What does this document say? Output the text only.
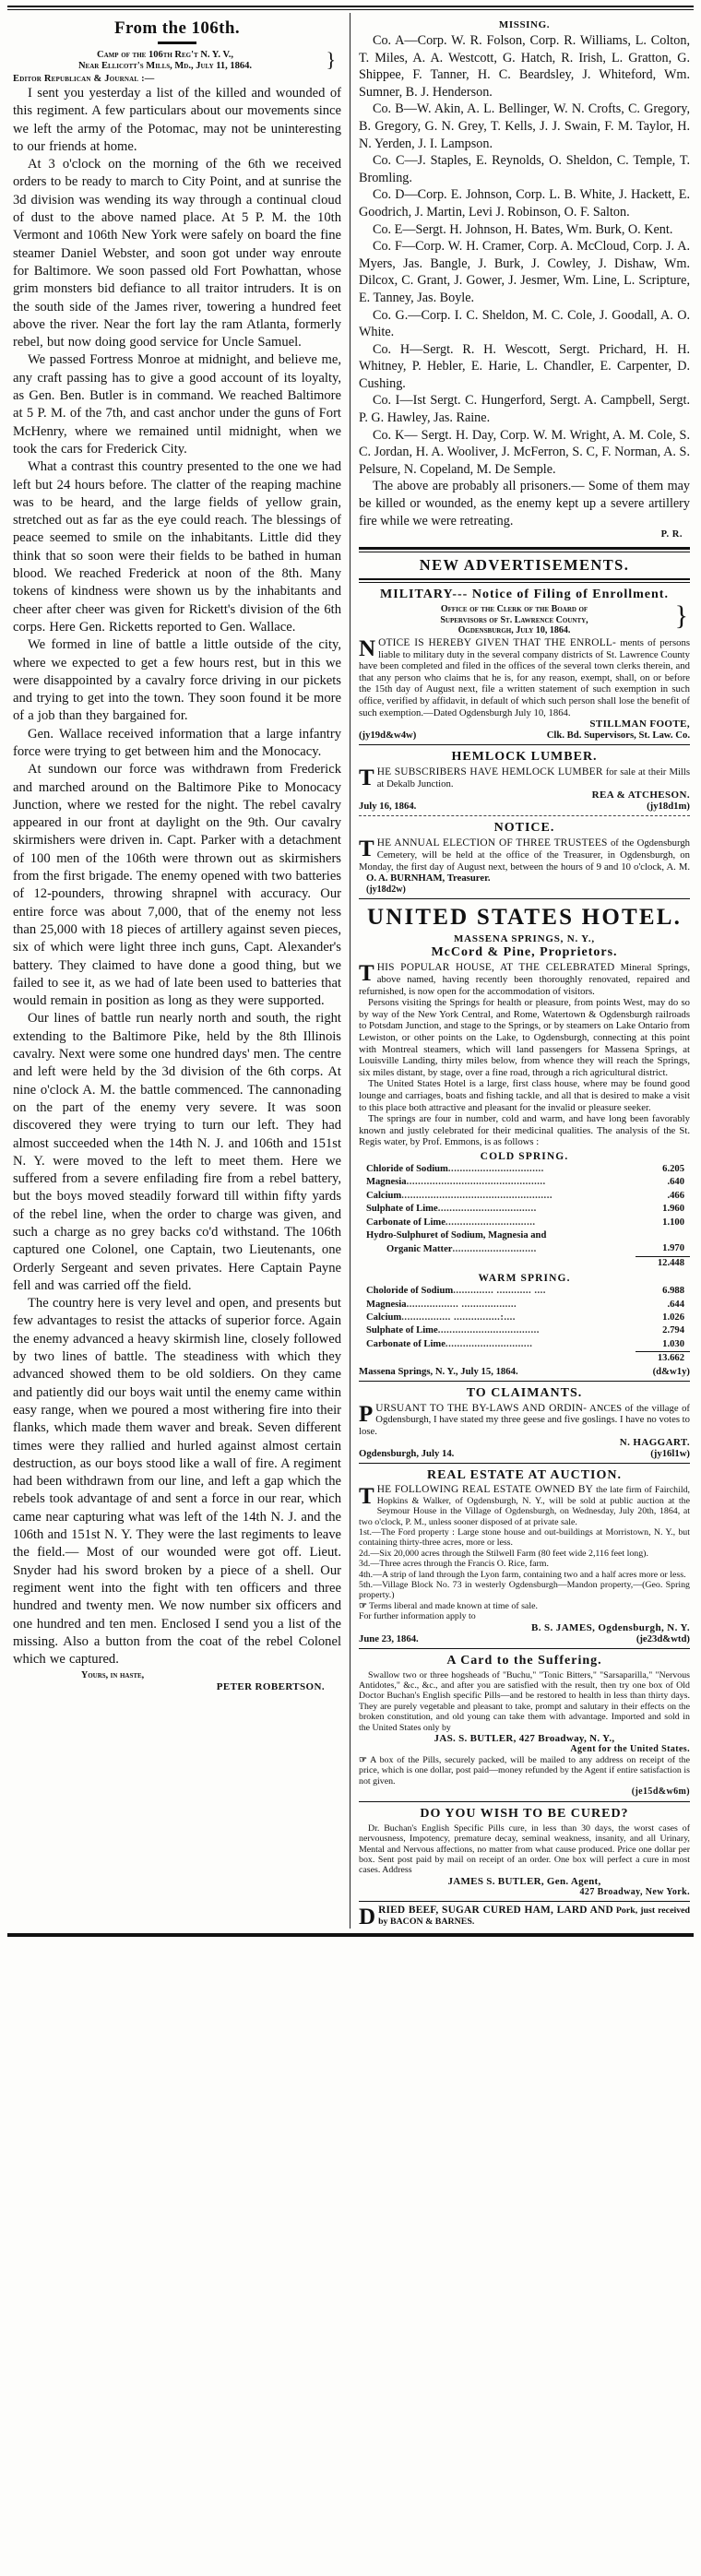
From the 106th.
}
Camp of the 106th Reg't N. Y. V.,
Near Ellicott's Mills, Md., July 11, 1864.
Editor Republican & Journal :—

I sent you yesterday a list of the killed and wounded of this regiment. A few particulars about our movements since we left the army of the Potomac, may not be uninteresting to our friends at home.

At 3 o'clock on the morning of the 6th we received orders to be ready to march to City Point, and at sunrise the 3d division was wending its way through a continual cloud of dust to the above named place. At 5 P. M. the 10th Vermont and 106th New York were safely on board the fine steamer Daniel Webster, and soon got under way enroute for Baltimore. We soon passed old Fort Powhattan, whose grim monsters bid defiance to all traitor intruders. It is on the south side of the James river, towering a hundred feet above the river. Near the fort lay the ram Atlanta, formerly rebel, but now doing good service for Uncle Samuel.

We passed Fortress Monroe at midnight, and believe me, any craft passing has to give a good account of its loyalty, as Gen. Ben. Butler is in command. We reached Baltimore at 5 P. M. of the 7th, and cast anchor under the guns of Fort McHenry, where we remained until midnight, when we took the cars for Frederick City.

What a contrast this country presented to the one we had left but 24 hours before. The clatter of the reaping machine was to be heard, and the large fields of yellow grain, stretched out as far as the eye could reach. The blessings of peace seemed to smile on the inhabitants. Little did they think that so soon were their fields to be bathed in human blood. We reached Frederick at noon of the 8th. Many tokens of kindness were shown us by the inhabitants and cheer after cheer was given for Rickett's division of the 6th corps. Here Gen. Ricketts reported to Gen. Wallace.

We formed in line of battle a little outside of the city, where we expected to get a few hours rest, but in this we were disappointed by a cavalry force driving in our pickets and trying to get into the town. They soon found it be more of a job than they bargained for.

Gen. Wallace received information that a large infantry force were trying to get between him and the Monocacy.

At sundown our force was withdrawn from Frederick and marched around on the Baltimore Pike to Monocacy Junction, where we rested for the night. The rebel cavalry appeared in our front at daylight on the 9th. Our cavalry skirmishers were driven in. Capt. Parker with a detachment of 100 men of the 106th were thrown out as skirmishers from the first brigade. The enemy opened with two batteries of 12-pounders, throwing shrapnel with accuracy. Our entire force was about 7,000, that of the enemy not less than 25,000 with 18 pieces of artillery against seven pieces, six of which were light three inch guns, Capt. Alexander's battery. They claimed to have done a good thing, but we failed to see it, as we had of late been used to batteries that would remain in position as long as they were supported.

Our lines of battle run nearly north and south, the right extending to the Baltimore Pike, held by the 8th Illinois cavalry. Next were some one hundred days' men. The centre and left were held by the 3d division of the 6th corps. At nine o'clock A. M. the battle commenced. The cannonading on the part of the enemy very severe. It was soon discovered they were trying to turn our left. They had almost succeeded when the 14th N. J. and 106th and 151st N. Y. were moved to the left to meet them. Here we suffered from a severe enfilading fire from a rebel battery, but the boys moved steadily forward till within fifty yards of the rebel line, when the order to charge was given, and such a charge as no grey backs co'd withstand. The 106th captured one Colonel, one Captain, two Lieutenants, one Orderly Sergeant and seven privates. Here Captain Payne fell and was carried off the field.

The country here is very level and open, and presents but few advantages to resist the attacks of superior force. Again the enemy advanced a heavy skirmish line, closely followed by two lines of battle. The steadiness with which they advanced showed them to be old soldiers. On they came and patiently did our boys wait until the enemy came within easy range, when we poured a most withering fire into their flanks, which made them waver and break. Seven different times were they rallied and hurled against almost certain destruction, as our boys stood like a wall of fire. A regiment had been withdrawn from our line, and left a gap which the rebels took advantage of and sent a force in our rear, which came near capturing what was left of the 14th N. J. and the 106th and 151st N. Y. They were the last regiments to leave the field.— Most of our wounded were got off. Lieut. Snyder had his sword broken by a piece of a shell. Our regiment went into the fight with ten officers and three hundred and twenty men. We now number six officers and one hundred and ten men. Enclosed I send you a list of the missing. Also a button from the coat of the rebel Colonel which we captured.

Yours, in haste,
PETER ROBERTSON.
MISSING.

Co. A—Corp. W. R. Folson, Corp. R. Williams, L. Colton, T. Miles, A. A. Westcott, G. Hatch, R. Irish, L. Gratton, G. Shippee, F. Tanner, H. C. Beardsley, J. Whiteford, Wm. Sumner, B. J. Henderson.

Co. B—W. Akin, A. L. Bellinger, W. N. Crofts, C. Gregory, B. Gregory, G. N. Grey, T. Kells, J. J. Swain, F. M. Taylor, H. N. Yerden, J. I. Lampson.

Co. C—J. Staples, E. Reynolds, O. Sheldon, C. Temple, T. Bromling.

Co. D—Corp. E. Johnson, Corp. L. B. White, J. Hackett, E. Goodrich, J. Martin, Levi J. Robinson, O. F. Salton.

Co. E—Sergt. H. Johnson, H. Bates, Wm. Burk, O. Kent.

Co. F—Corp. W. H. Cramer, Corp. A. McCloud, Corp. J. A. Myers, Jas. Bangle, J. Burk, J. Cowley, J. Dishaw, Wm. Dilcox, C. Grant, J. Gower, J. Jesmer, Wm. Line, L. Scripture, E. Tanney, Jas. Boyle.

Co. G.—Corp. I. C. Sheldon, M. C. Cole, J. Goodall, A. O. White.

Co. H—Sergt. R. H. Wescott, Sergt. Prichard, H. H. Whitney, P. Hebler, E. Harie, L. Chandler, E. Carpenter, D. Cushing.

Co. I—Ist Sergt. C. Hungerford, Sergt. A. Campbell, Sergt. P. G. Hawley, Jas. Raine.

Co. K— Sergt. H. Day, Corp. W. M. Wright, A. M. Cole, S. C. Jordan, H. A. Wooliver, J. McFerron, S. C, F. Norman, A. S. Pelsure, N. Copeland, M. De Semple.

The above are probably all prisoners.— Some of them may be killed or wounded, as the enemy kept up a severe artillery fire while we were retreating.

P. R.
NEW ADVERTISEMENTS.
MILITARY--- Notice of Filing of Enrollment.
}
Office of the Clerk of the Board of
Supervisors of St. Lawrence County,
Ogdensburgh, July 10, 1864.

NOTICE IS HEREBY GIVEN THAT THE ENROLL- ments of persons liable to military duty in the several company districts of St. Lawrence County have been completed and filed in the offices of the several town clerks therein, and that any person who claims that he is, for any reason, exempt, shall, on or before the 15th day of August next, file a written statement of such exemption in such office, verified by affidavit, in default of which such person shall lose the benefit of such exemption.—Dated Ogdensburgh July 10, 1864.

STILLMAN FOOTE,
(jy19d&w4w)	Clk. Bd. Supervisors, St. Law. Co.
HEMLOCK LUMBER.

THE SUBSCRIBERS HAVE HEMLOCK LUMBER for sale at their Mills at Dekalb Junction.

REA & ATCHESON.
July 16, 1864.	(jy18d1m)
NOTICE.

THE ANNUAL ELECTION OF THREE TRUSTEES of the Ogdensburgh Cemetery, will be held at the office of the Treasurer, in Ogdensburgh, on Monday, the first day of August next, between the hours of 9 and 10 o'clock, A. M.    O. A. BURNHAM, Treasurer.

(jy18d2w)
UNITED STATES HOTEL.
MASSENA SPRINGS, N. Y.,
McCord & Pine, Proprietors.

THIS POPULAR HOUSE, AT THE CELEBRATED Mineral Springs, above named, having recently been thoroughly renovated, repaired and refurnished, is now open for the accommodation of visitors.

Persons visiting the Springs for health or pleasure, from points West, may do so by way of the New York Central, and Rome, Watertown & Ogdensburgh railroads to Potsdam Junction, and stage to the Springs, or by steamers on Lake Ontario from Lewiston, or other points on the Lake, to Ogdensburgh, connecting at this point with Montreal steamers, which will land passengers for Massena Springs, at Louisville Landing, thirty miles below, from whence they will reach the Springs, six miles distant, by stage, over a fine road, through a rich agricultural district.

The United States Hotel is a large, first class house, where may be found good lounge and carriages, boats and fishing tackle, and all that is desired to make a visit to this place both attractive and pleasant for the invalid or pleasure seeker.

The springs are four in number, cold and warm, and have long been favorably known and justly celebrated for their medicinal qualities. The analysis of the St. Regis water, by Prof. Emmons, is as follows :

COLD SPRING.
Chloride of Sodium.................................	6.205
Magnesia................................................	.640
Calcium....................................................	.466
Sulphate of Lime..................................	1.960
Carbonate of Lime...............................	1.100
Hydro-Sulphuret of Sodium, Magnesia and	
Organic Matter.............................	1.970
	12.448
WARM SPRING.
Choloride of Sodium.............. ............ ....	6.988
Magnesia.................. ...................	.644
Calcium................. ................:....	1.026
Sulphate of Lime...................................	2.794
Carbonate of Lime..............................	1.030
	13.662
Massena Springs, N. Y., July 15, 1864.	(d&w1y)
TO CLAIMANTS.

PURSUANT TO THE BY-LAWS AND ORDIN- ANCES of the village of Ogdensburgh, I have stated my three geese and five goslings. I have no votes to lose.

N. HAGGART.
Ogdensburgh, July 14.	(jy16l1w)
REAL ESTATE AT AUCTION.

THE FOLLOWING REAL ESTATE OWNED BY the late firm of Fairchild, Hopkins & Walker, of Ogdensburgh, N. Y., will be sold at public auction at the Seymour House in the Village of Ogdensburgh, on Wednesday, July 20th, 1864, at two o'clock, P. M., unless sooner disposed of at private sale.

1st.—The Ford property : Large stone house and out-buildings at Morristown, N. Y., but containing thirty-three acres, more or less.

2d.—Six 20,000 acres through the Stilwell Farm (80 feet wide 2,116 feet long).

3d.—Three acres through the Francis O. Rice, farm.

4th.—A strip of land through the Lyon farm, containing two and a half acres more or less.

5th.—Village Block No. 73 in westerly Ogdensburgh—Mandon property,—(Geo. Spring property.)

☞ Terms liberal and made known at time of sale.

For further information apply to

B. S. JAMES, Ogdensburgh, N. Y.
June 23, 1864.	(je23d&wtd)
A Card to the Suffering.

Swallow two or three hogsheads of "Buchu," "Tonic Bitters," "Sarsaparilla," "Nervous Antidotes," &c., &c., and after you are satisfied with the result, then try one box of Old Doctor Buchan's English specific Pills—and be restored to health in less than thirty days. They are purely vegetable and pleasant to take, prompt and salutary in their effects on the broken constitution, and old young can take them with advantage. Imported and sold in the United States only by

JAS. S. BUTLER, 427 Broadway, N. Y.,
Agent for the United States.

☞ A box of the Pills, securely packed, will be mailed to any address on receipt of the price, which is one dollar, post paid—money refunded by the Agent if entire satisfaction is not given.

(je15d&w6m)
DO YOU WISH TO BE CURED?

Dr. Buchan's English Specific Pills cure, in less than 30 days, the worst cases of nervousness, Impotency, premature decay, seminal weakness, insanity, and all Urinary, Mental and Nervous affections, no matter from what cause produced. Price one dollar per box. Sent post paid by mail on receipt of an order. One box will perfect a cure in most cases. Address

JAMES S. BUTLER, Gen. Agent,
427 Broadway, New York.

DRIED BEEF, SUGAR CURED HAM, LARD AND Pork, just received by BACON & BARNES.
